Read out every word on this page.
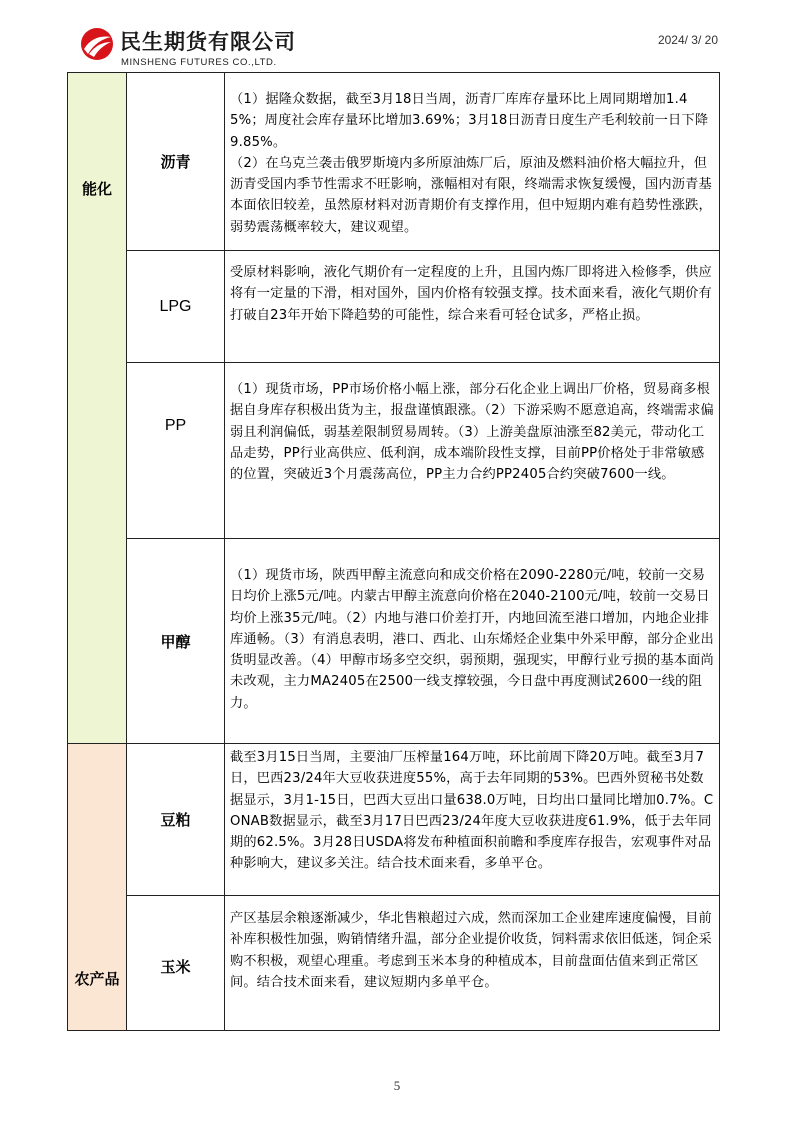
民生期货有限公司
MINSHENG FUTURES CO.,LTD.
2024/ 3/ 20
能化	沥青	（1）据隆众数据，截至3月18日当周，沥青厂库库存量环比上周同期增加1.45%；周度社会库存量环比增加3.69%；3月18日沥青日度生产毛利较前一日下降9.85%。
（2）在乌克兰袭击俄罗斯境内多所原油炼厂后，原油及燃料油价格大幅拉升，但沥青受国内季节性需求不旺影响，涨幅相对有限，终端需求恢复缓慢，国内沥青基本面依旧较差，虽然原材料对沥青期价有支撑作用，但中短期内难有趋势性涨跌，弱势震荡概率较大，建议观望。

	LPG	受原材料影响，液化气期价有一定程度的上升，且国内炼厂即将进入检修季，供应将有一定量的下滑，相对国外，国内价格有较强支撑。技术面来看，液化气期价有打破自23年开始下降趋势的可能性，综合来看可轻仓试多，严格止损。

	PP	（1）现货市场，PP市场价格小幅上涨，部分石化企业上调出厂价格，贸易商多根据自身库存积极出货为主，报盘谨慎跟涨。（2）下游采购不愿意追高，终端需求偏弱且利润偏低，弱基差限制贸易周转。（3）上游美盘原油涨至82美元，带动化工品走势，PP行业高供应、低利润，成本端阶段性支撑，目前PP价格处于非常敏感的位置，突破近3个月震荡高位，PP主力合约PP2405合约突破7600一线。

	甲醇	（1）现货市场，陕西甲醇主流意向和成交价格在2090-2280元/吨，较前一交易日均价上涨5元/吨。内蒙古甲醇主流意向价格在2040-2100元/吨，较前一交易日均价上涨35元/吨。（2）内地与港口价差打开，内地回流至港口增加，内地企业排库通畅。（3）有消息表明，港口、西北、山东烯烃企业集中外采甲醇，部分企业出货明显改善。（4）甲醇市场多空交织，弱预期，强现实，甲醇行业亏损的基本面尚未改观，主力MA2405在2500一线支撑较强，今日盘中再度测试2600一线的阻力。

农产品	豆粕	截至3月15日当周，主要油厂压榨量164万吨，环比前周下降20万吨。截至3月7日，巴西23/24年大豆收获进度55%，高于去年同期的53%。巴西外贸秘书处数据显示，3月1-15日，巴西大豆出口量638.0万吨，日均出口量同比增加0.7%。CONAB数据显示，截至3月17日巴西23/24年度大豆收获进度61.9%，低于去年同期的62.5%。3月28日USDA将发布种植面积前瞻和季度库存报告，宏观事件对品种影响大，建议多关注。结合技术面来看，多单平仓。

	玉米	产区基层余粮逐渐减少，华北售粮超过六成，然而深加工企业建库速度偏慢，目前补库积极性加强，购销情绪升温，部分企业提价收货，饲料需求依旧低迷，饲企采购不积极，观望心理重。考虑到玉米本身的种植成本，目前盘面估值来到正常区间。结合技术面来看，建议短期内多单平仓。
5
